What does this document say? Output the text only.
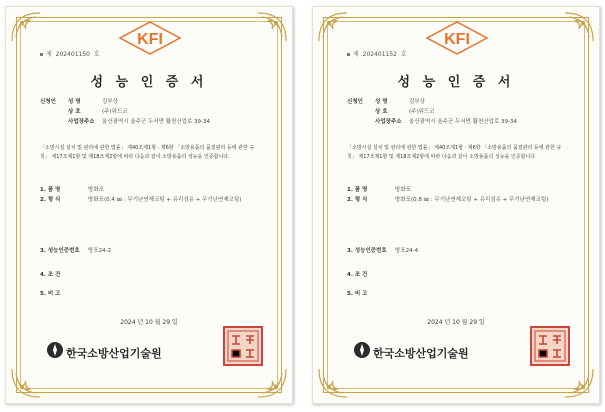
KFI
제 202401150 호
성 능 인 증 서
신청인	성 명	김부상
상 호	(주)위드코
사업장주소	울산광역시 울주군 두서면 활천산업로 39-34
「소방시설 설치 및 관리에 관한 법률」 제40조제1항 · 제6항 「소방용품의 품질관리 등에 관한 규칙」 제17조제1항 및 제18조제2항에 따라 다음과 같이 소방용품의 성능을 인증합니다.
1. 품 명	방화포
2. 형 식	방화포(0.4 ㎜ : 무기난연제코팅 + 유리섬유 + 무기난연제코팅)
3. 성능인증번호 방포24-2
4. 조 건
5. 비 고
2024 년 10 월 29 일
한국소방산업기술원
KFI
제 202401152 호
성 능 인 증 서
신청인	성 명	김부상
상 호	(주)위드코
사업장주소	울산광역시 울주군 두서면 활천산업로 39-34
「소방시설 설치 및 관리에 관한 법률」 제40조제1항 · 제6항 「소방용품의 품질관리 등에 관한 규칙」 제17조제1항 및 제18조제2항에 따라 다음과 같이 소방용품의 성능을 인증합니다.
1. 품 명	방화포
2. 형 식	방화포(0.8 ㎜ : 무기난연제코팅 + 유리섬유 + 무기난연제코팅)
3. 성능인증번호 방포24-4
4. 조 건
5. 비 고
2024 년 10 월 29 일
한국소방산업기술원
